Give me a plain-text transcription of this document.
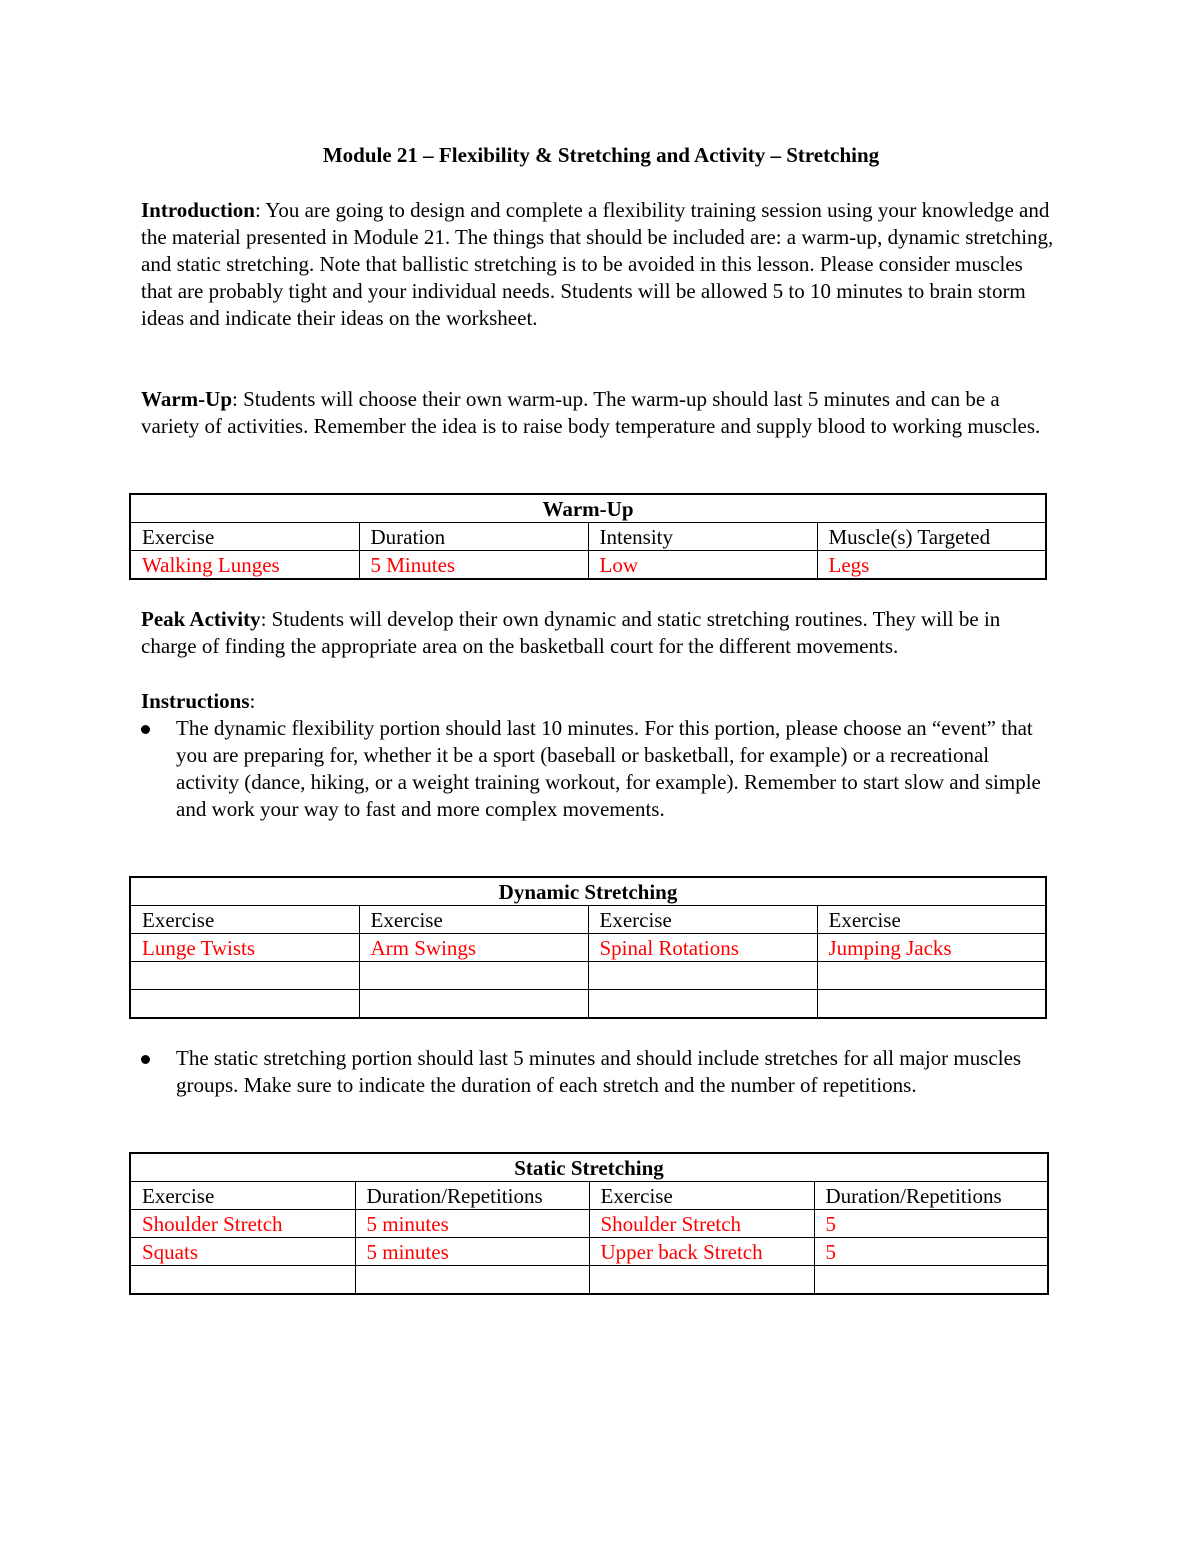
Module 21 – Flexibility & Stretching and Activity – Stretching

Introduction: You are going to design and complete a flexibility training session using your knowledge and the material presented in Module 21. The things that should be included are: a warm-up, dynamic stretching, and static stretching. Note that ballistic stretching is to be avoided in this lesson. Please consider muscles that are probably tight and your individual needs. Students will be allowed 5 to 10 minutes to brain storm ideas and indicate their ideas on the worksheet.

Warm-Up: Students will choose their own warm-up. The warm-up should last 5 minutes and can be a variety of activities. Remember the idea is to raise body temperature and supply blood to working muscles.

Peak Activity: Students will develop their own dynamic and static stretching routines. They will be in charge of finding the appropriate area on the basketball court for the different movements.

Instructions:

The dynamic flexibility portion should last 10 minutes. For this portion, please choose an “event” that you are preparing for, whether it be a sport (baseball or basketball, for example) or a recreational activity (dance, hiking, or a weight training workout, for example). Remember to start slow and simple and work your way to fast and more complex movements.
The static stretching portion should last 5 minutes and should include stretches for all major muscles groups. Make sure to indicate the duration of each stretch and the number of repetitions.
Warm-Up			
Exercise	Duration	Intensity	Muscle(s) Targeted
Walking Lunges	5 Minutes	Low	Legs
Dynamic Stretching			
Exercise	Exercise	Exercise	Exercise
Lunge Twists	Arm Swings	Spinal Rotations	Jumping Jacks

Static Stretching			
Exercise	Duration/Repetitions	Exercise	Duration/Repetitions
Shoulder Stretch	5 minutes	Shoulder Stretch	5
Squats	5 minutes	Upper back Stretch	5
